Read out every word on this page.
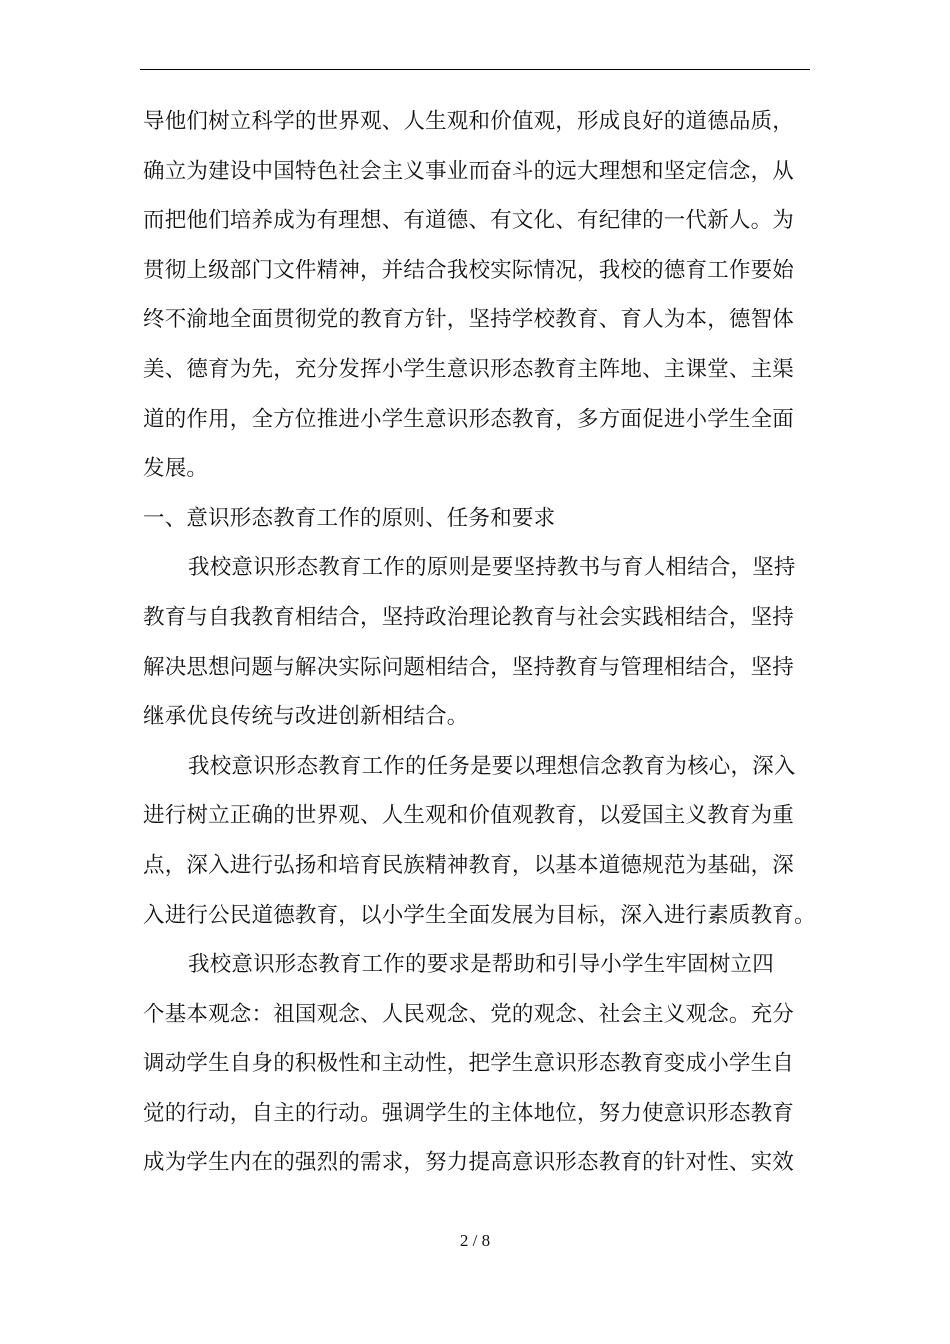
导他们树立科学的世界观、人生观和价值观，形成良好的道德品质，
确立为建设中国特色社会主义事业而奋斗的远大理想和坚定信念，从
而把他们培养成为有理想、有道德、有文化、有纪律的一代新人。为
贯彻上级部门文件精神，并结合我校实际情况，我校的德育工作要始
终不渝地全面贯彻党的教育方针，坚持学校教育、育人为本，德智体
美、德育为先，充分发挥小学生意识形态教育主阵地、主课堂、主渠
道的作用，全方位推进小学生意识形态教育，多方面促进小学生全面
发展。
一、意识形态教育工作的原则、任务和要求
我校意识形态教育工作的原则是要坚持教书与育人相结合，坚持
教育与自我教育相结合，坚持政治理论教育与社会实践相结合，坚持
解决思想问题与解决实际问题相结合，坚持教育与管理相结合，坚持
继承优良传统与改进创新相结合。
我校意识形态教育工作的任务是要以理想信念教育为核心，深入
进行树立正确的世界观、人生观和价值观教育，以爱国主义教育为重
点，深入进行弘扬和培育民族精神教育，以基本道德规范为基础，深
入进行公民道德教育，以小学生全面发展为目标，深入进行素质教育。
我校意识形态教育工作的要求是帮助和引导小学生牢固树立四
个基本观念：祖国观念、人民观念、党的观念、社会主义观念。充分
调动学生自身的积极性和主动性，把学生意识形态教育变成小学生自
觉的行动，自主的行动。强调学生的主体地位，努力使意识形态教育
成为学生内在的强烈的需求，努力提高意识形态教育的针对性、实效
2 / 8
